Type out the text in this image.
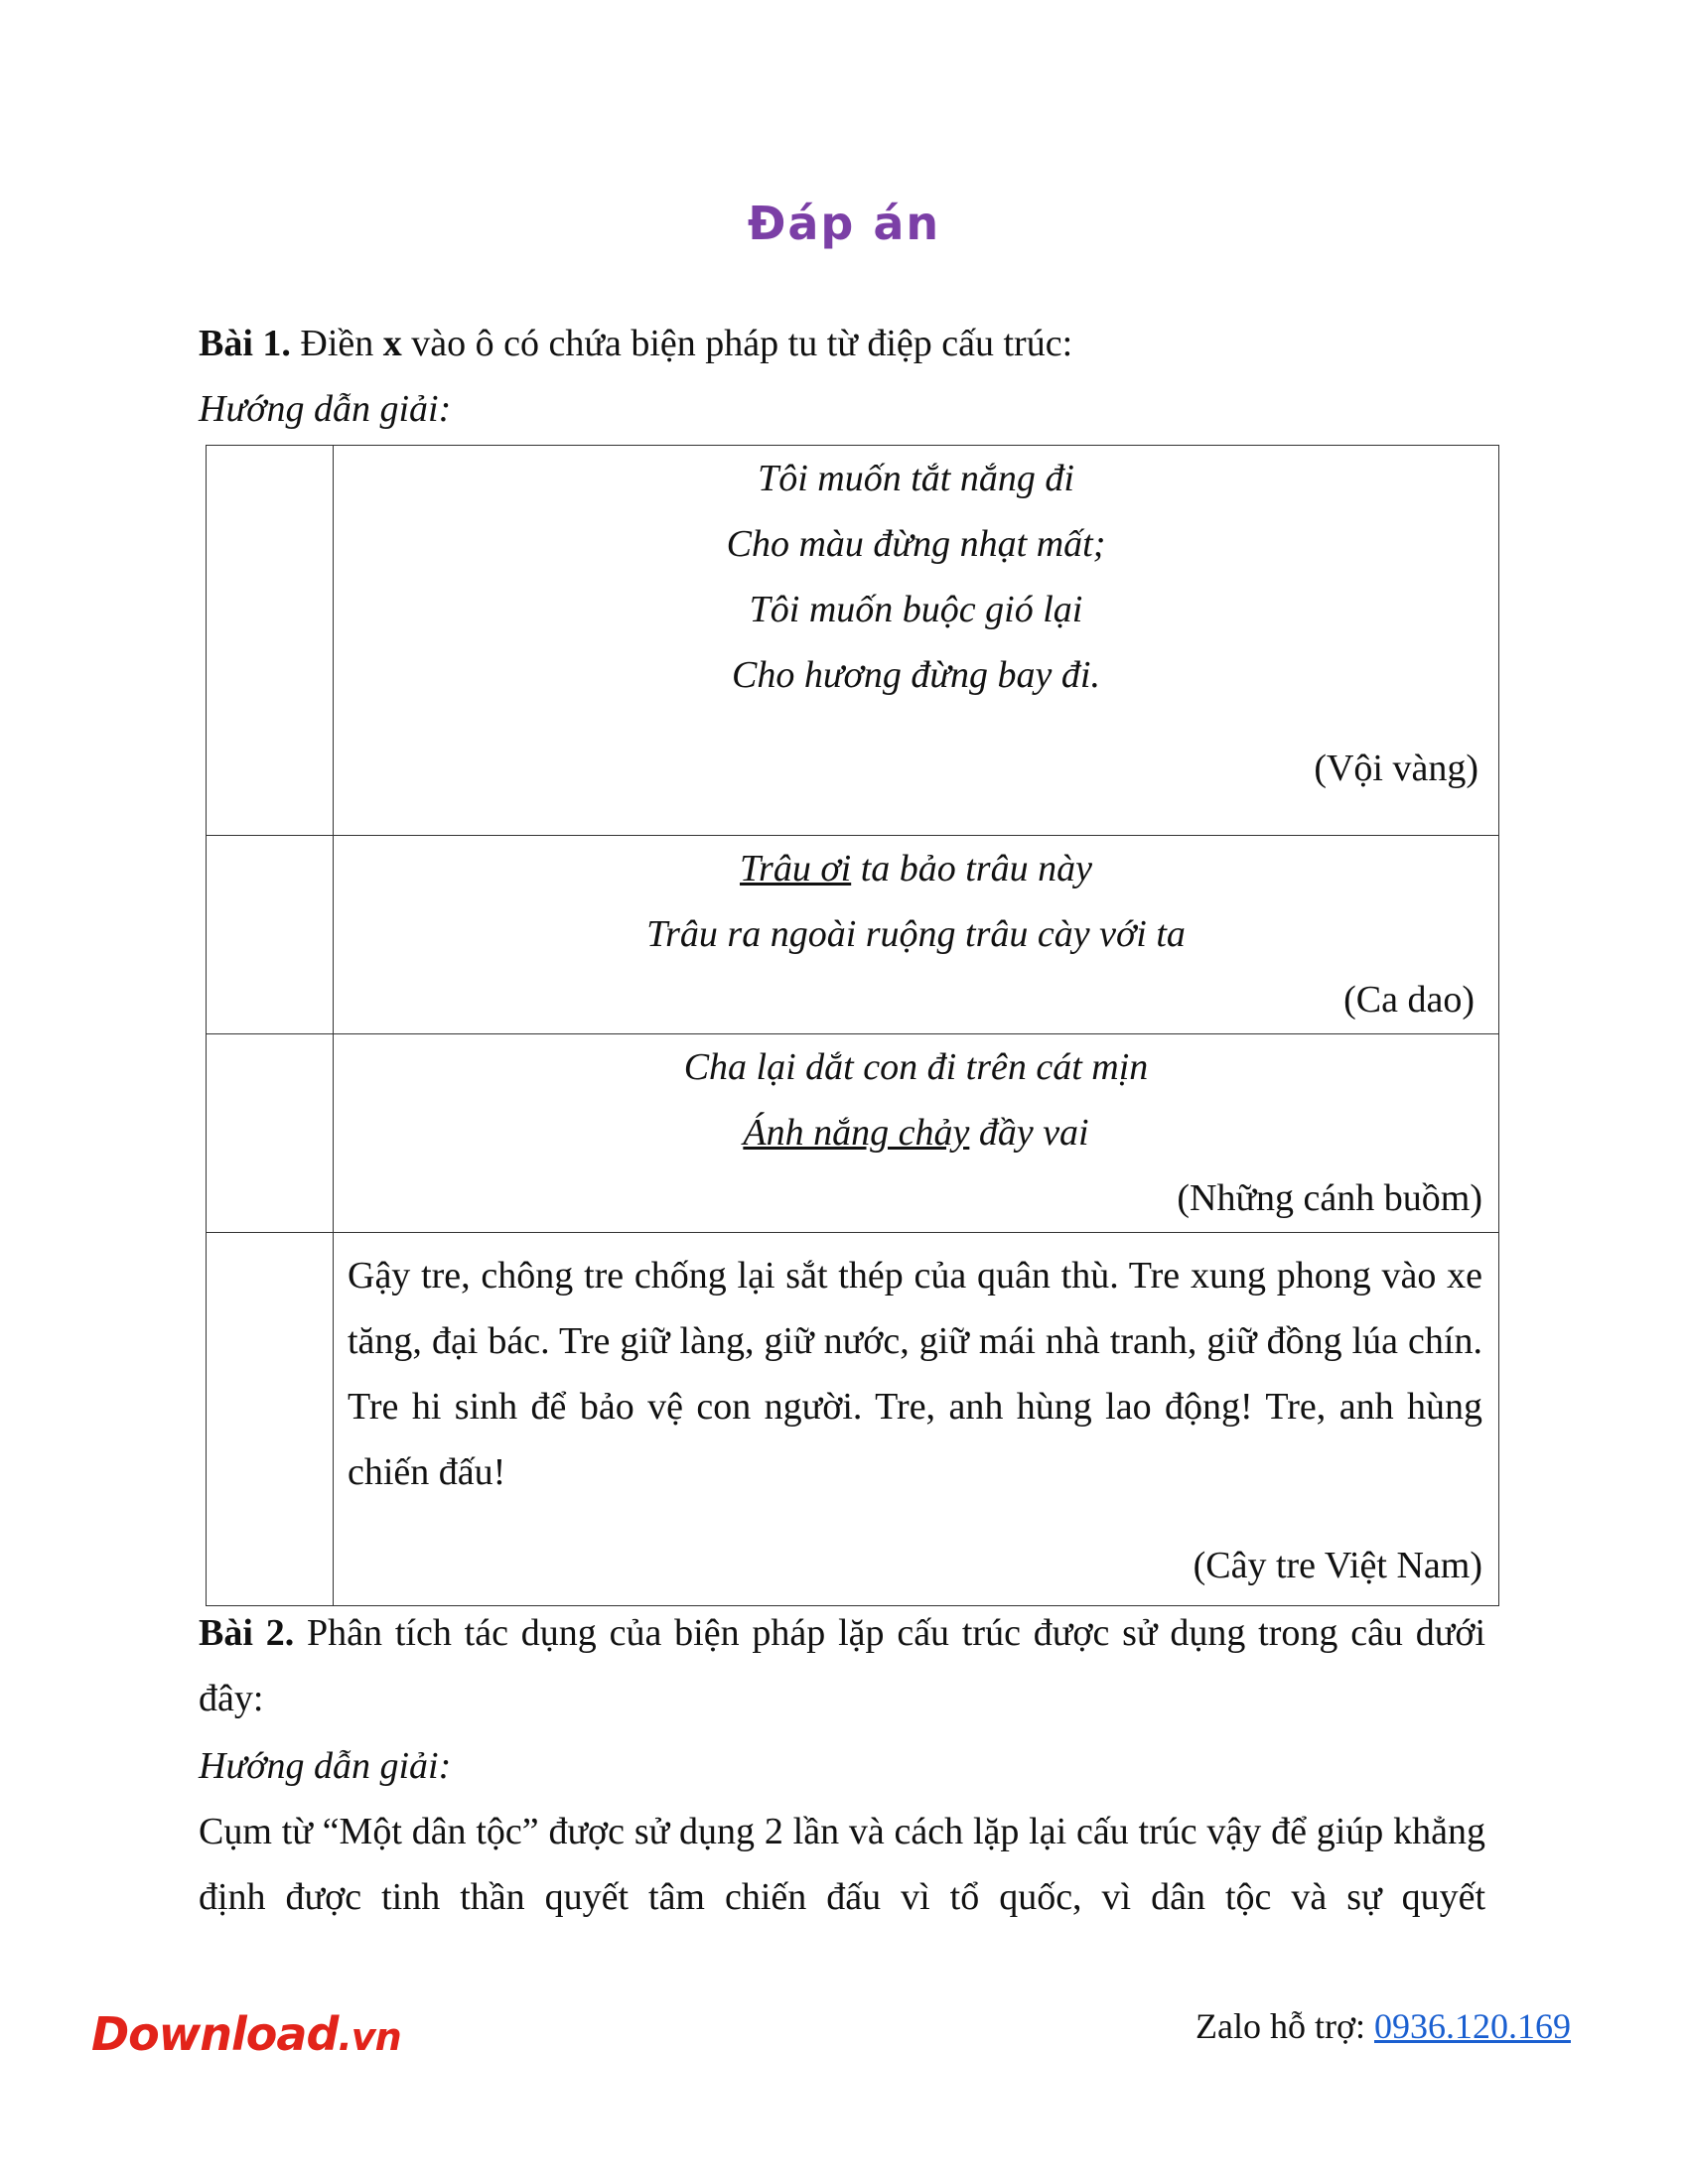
Đáp án
Bài 1. Điền x vào ô có chứa biện pháp tu từ điệp cấu trúc:
Hướng dẫn giải:

	Tôi muốn tắt nắng đi
Cho màu đừng nhạt mất;
Tôi muốn buộc gió lại
Cho hương đừng bay đi.
(Vội vàng)

	Trâu ơi ta bảo trâu này
Trâu ra ngoài ruộng trâu cày với ta
(Ca dao)

	Cha lại dắt con đi trên cát mịn
Ánh nắng chảy đầy vai
(Những cánh buồm)

	Gậy tre, chông tre chống lại sắt thép của quân thù. Tre xung phong vào xe tăng, đại bác. Tre giữ làng, giữ nước, giữ mái nhà tranh, giữ đồng lúa chín. Tre hi sinh để bảo vệ con người. Tre, anh hùng lao động! Tre, anh hùng chiến đấu!
(Cây tre Việt Nam)
Bài 2. Phân tích tác dụng của biện pháp lặp cấu trúc được sử dụng trong câu dưới đây:
Hướng dẫn giải:
Cụm từ “Một dân tộc” được sử dụng 2 lần và cách lặp lại cấu trúc vậy để giúp khẳng định được tinh thần quyết tâm chiến đấu vì tổ quốc, vì dân tộc và sự quyết
Download.vn	Zalo hỗ trợ: 0936.120.169
